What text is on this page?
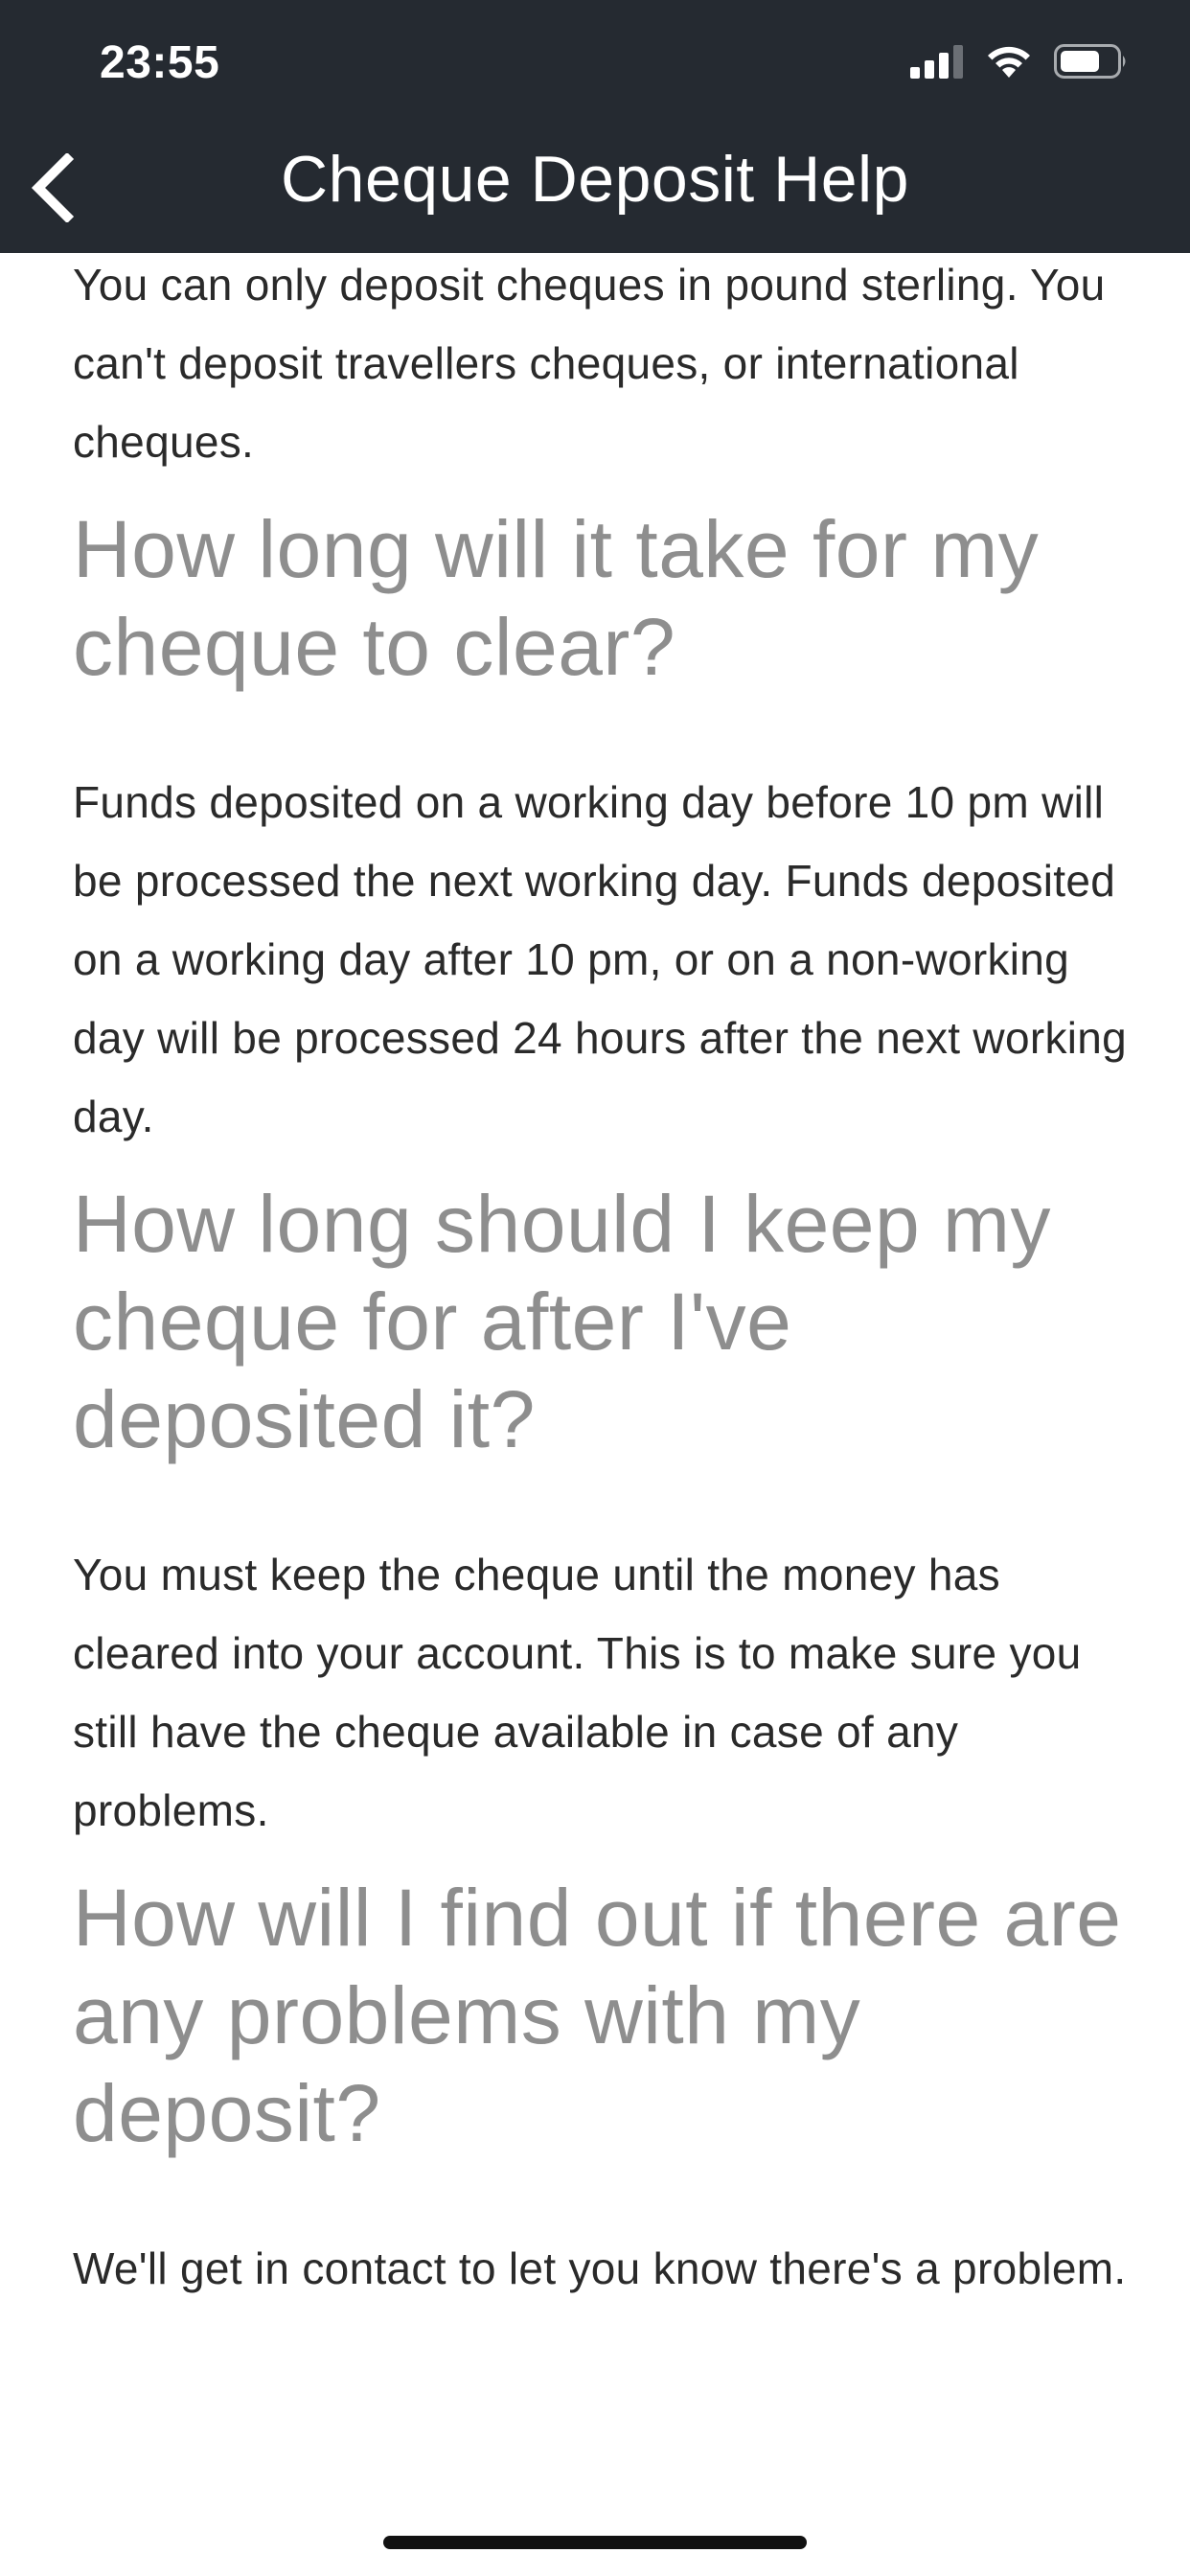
23:55
Cheque Deposit Help

You can only deposit cheques in pound sterling. You can't deposit travellers cheques, or international cheques.

How long will it take for my cheque to clear?

Funds deposited on a working day before 10 pm will be processed the next working day. Funds deposited on a working day after 10 pm, or on a non-working day will be processed 24 hours after the next working day.

How long should I keep my cheque for after I've deposited it?

You must keep the cheque until the money has cleared into your account. This is to make sure you still have the cheque available in case of any problems.

How will I find out if there are any problems with my deposit?

We'll get in contact to let you know there's a problem.
